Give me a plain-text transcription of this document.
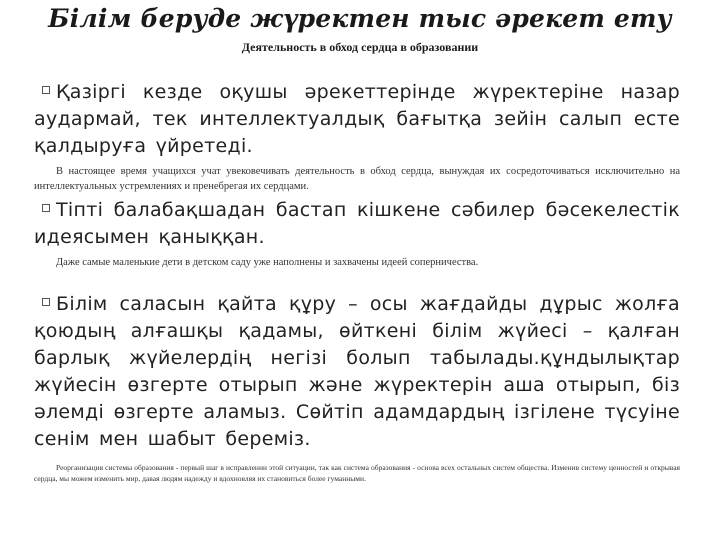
Білім беруде жүректен тыс әрекет ету
Деятельность в обход сердца в образовании
Қазіргі кезде оқушы әрекеттерінде жүректеріне назар аудармай, тек интеллектуалдық бағытқа зейін салып есте қалдыруға үйретеді.
В настоящее время учащихся учат увековечивать деятельность в обход сердца, вынуждая их сосредоточиваться исключительно на интеллектуальных устремлениях и пренебрегая их сердцами.
Тіпті балабақшадан бастап кішкене сәбилер бәсекелестік идеясымен қаныққан.
Даже самые маленькие дети в детском саду уже наполнены и захвачены идеей соперничества.
Білім саласын қайта құру – осы жағдайды дұрыс жолға қоюдың алғашқы қадамы, өйткені білім жүйесі – қалған барлық жүйелердің негізі болып табылады.құндылықтар жүйесін өзгерте отырып және жүректерін аша отырып, біз әлемді өзгерте аламыз. Сөйтіп адамдардың ізгілене түсуіне сенім мен шабыт береміз.
Реорганизация системы образования - первый шаг в исправлении этой ситуации, так как система образования - основа всех остальных систем общества. Изменив систему ценностей и открывая сердца, мы можем изменить мир, давая людям надежду и вдохновляя их становиться более гуманными.
